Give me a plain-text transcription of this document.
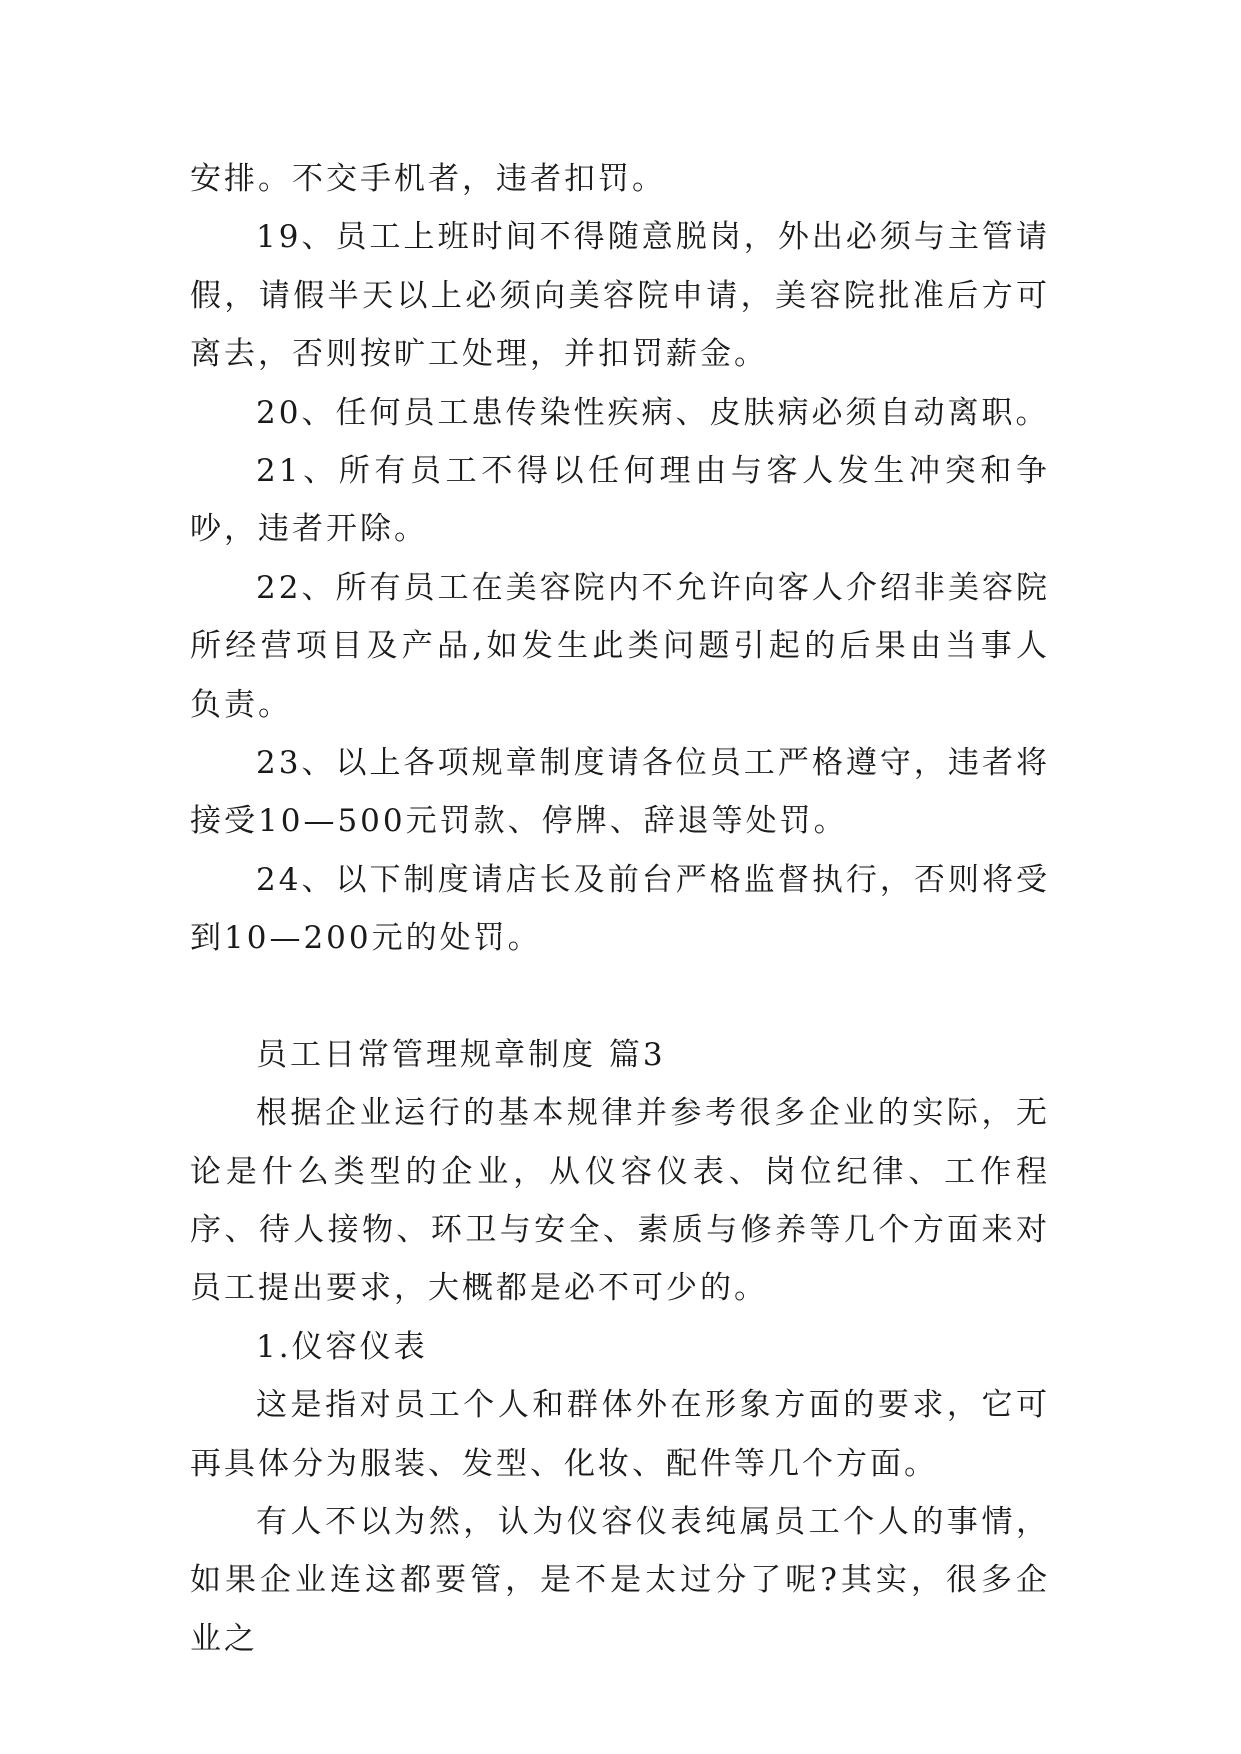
安排。不交手机者，违者扣罚。

19、员工上班时间不得随意脱岗，外出必须与主管请假，请假半天以上必须向美容院申请，美容院批准后方可离去，否则按旷工处理，并扣罚薪金。

20、任何员工患传染性疾病、皮肤病必须自动离职。

21、所有员工不得以任何理由与客人发生冲突和争吵，违者开除。

22、所有员工在美容院内不允许向客人介绍非美容院所经营项目及产品,如发生此类问题引起的后果由当事人负责。

23、以上各项规章制度请各位员工严格遵守，违者将接受10—500元罚款、停牌、辞退等处罚。

24、以下制度请店长及前台严格监督执行，否则将受到10—200元的处罚。

员工日常管理规章制度 篇3

根据企业运行的基本规律并参考很多企业的实际，无论是什么类型的企业，从仪容仪表、岗位纪律、工作程序、待人接物、环卫与安全、素质与修养等几个方面来对员工提出要求，大概都是必不可少的。

1.仪容仪表

这是指对员工个人和群体外在形象方面的要求，它可再具体分为服装、发型、化妆、配件等几个方面。

有人不以为然，认为仪容仪表纯属员工个人的事情，如果企业连这都要管，是不是太过分了呢?其实，很多企业之
